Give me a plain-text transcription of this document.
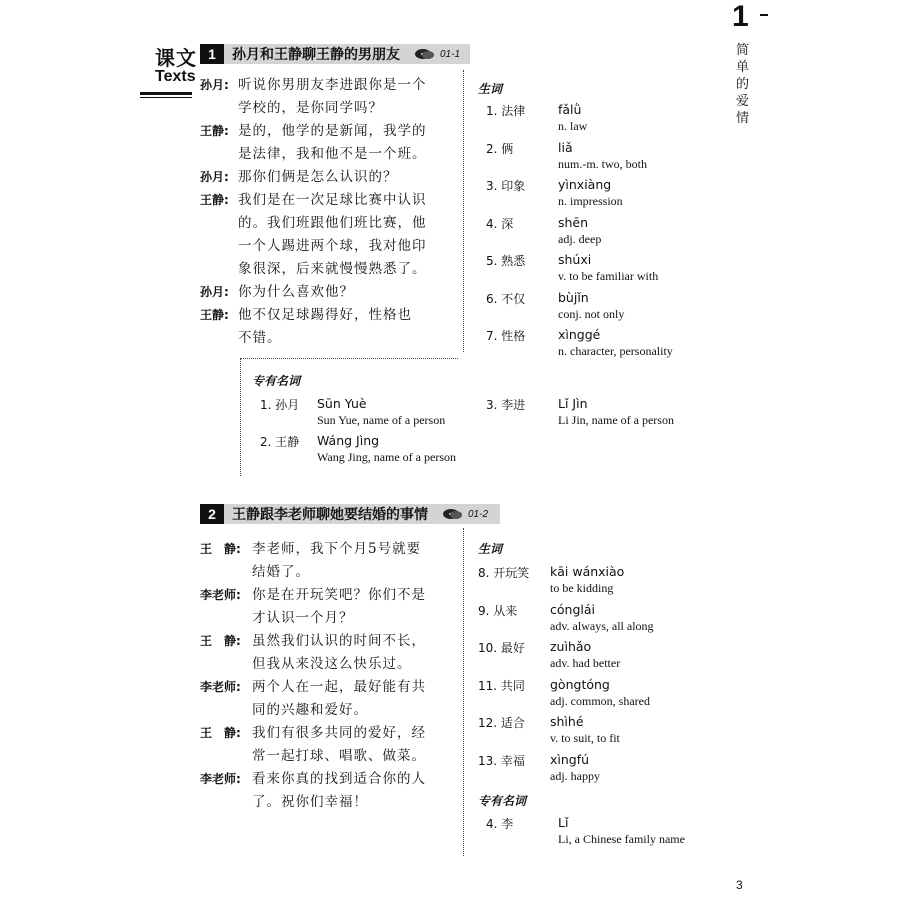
课文
Texts
1
简单的爱情
1	孙月和王静聊王静的男朋友	01-1
孙月: 听说你男朋友李进跟你是一个
学校的，是你同学吗？
王静: 是的，他学的是新闻，我学的
是法律，我和他不是一个班。
孙月: 那你们俩是怎么认识的？
王静: 我们是在一次足球比赛中认识
的。我们班跟他们班比赛，他
一个人踢进两个球，我对他印
象很深，后来就慢慢熟悉了。
孙月: 你为什么喜欢他？
王静: 他不仅足球踢得好，性格也
不错。
生词
1. 法律	fǎlǜ
n. law
2. 俩	liǎ
num.-m. two, both
3. 印象	yìnxiàng
n. impression
4. 深	shēn
adj. deep
5. 熟悉	shúxi
v. to be familiar with
6. 不仅	bùjǐn
conj. not only
7. 性格	xìnggé
n. character, personality
专有名词
1. 孙月 Sūn Yuè
Sun Yue, name of a person
2. 王静 Wáng Jìng
Wang Jing, name of a person
3. 李进	Lǐ Jìn
Li Jin, name of a person
2	王静跟李老师聊她要结婚的事情	01-2
王　静: 李老师，我下个月5号就要
结婚了。
李老师: 你是在开玩笑吧？你们不是
才认识一个月？
王　静: 虽然我们认识的时间不长，
但我从来没这么快乐过。
李老师: 两个人在一起，最好能有共
同的兴趣和爱好。
王　静: 我们有很多共同的爱好，经
常一起打球、唱歌、做菜。
李老师: 看来你真的找到适合你的人
了。祝你们幸福！
生词
8. 开玩笑 kāi wánxiào
to be kidding
9. 从来	cónglái
adv. always, all along
10. 最好 zuìhǎo
adv. had better
11. 共同 gòngtóng
adj. common, shared
12. 适合 shìhé
v. to suit, to fit
13. 幸福 xìngfú
adj. happy
专有名词
4. 李	Lǐ
Li, a Chinese family name
3
